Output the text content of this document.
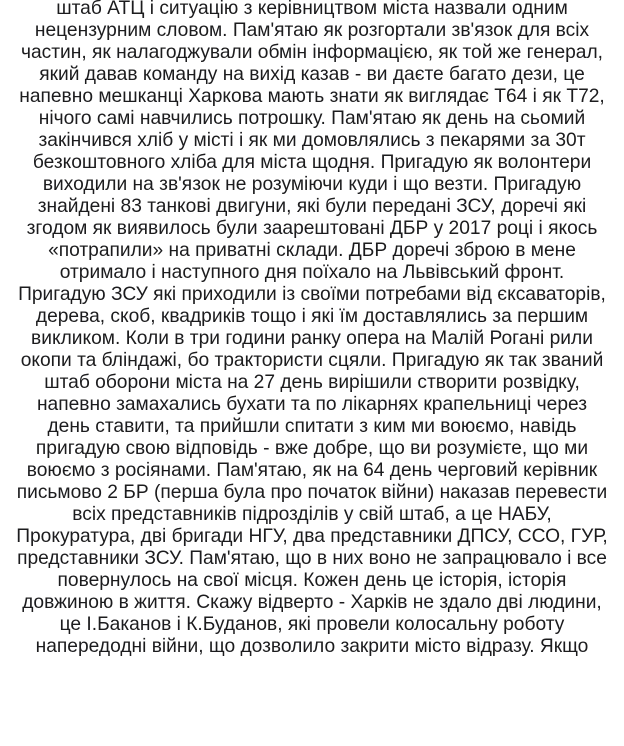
штаб АТЦ і ситуацію з керівництвом міста назвали одним
нецензурним словом. Пам'ятаю як розгортали зв'язок для всіх
частин, як налагоджували обмін інформацією, як той же генерал,
який давав команду на вихід казав - ви даєте багато дези, це
напевно мешканці Харкова мають знати як виглядає Т64 і як Т72,
нічого самі навчились потрошку. Пам'ятаю як день на сьомий
закінчився хліб у місті і як ми домовлялись з пекарями за 30т
безкоштовного хліба для міста щодня. Пригадую як волонтери
виходили на зв'язок не розуміючи куди і що везти. Пригадую
знайдені 83 танкові двигуни, які були передані ЗСУ, доречі які
згодом як виявилось були заарештовані ДБР у 2017 році і якось
«потрапили» на приватні склади. ДБР доречі зброю в мене
отримало і наступного дня поїхало на Львівський фронт.
Пригадую ЗСУ які приходили із своїми потребами від єксаваторів,
дерева, скоб, квадриків тощо і які їм доставлялись за першим
викликом. Коли в три години ранку опера на Малій Рогані рили
окопи та бліндажі, бо трактористи сцяли. Пригадую як так званий
штаб оборони міста на 27 день вирішили створити розвідку,
напевно замахались бухати та по лікарнях крапельниці через
день ставити, та прийшли спитати з ким ми воюємо, навідь
пригадую свою відповідь - вже добре, що ви розумієте, що ми
воюємо з росіянами. Пам'ятаю, як на 64 день черговий керівник
письмово 2 БР (перша була про початок війни) наказав перевести
всіх представників підрозділів у свій штаб, а це НАБУ,
Прокуратура, дві бригади НГУ, два представники ДПСУ, ССО, ГУР,
представники ЗСУ. Пам'ятаю, що в них воно не запрацювало і все
повернулось на свої місця. Кожен день це історія, історія
довжиною в життя. Скажу відверто - Харків не здало дві людини,
це І.Баканов і К.Буданов, які провели колосальну роботу
напередодні війни, що дозволило закрити місто відразу. Якщо
